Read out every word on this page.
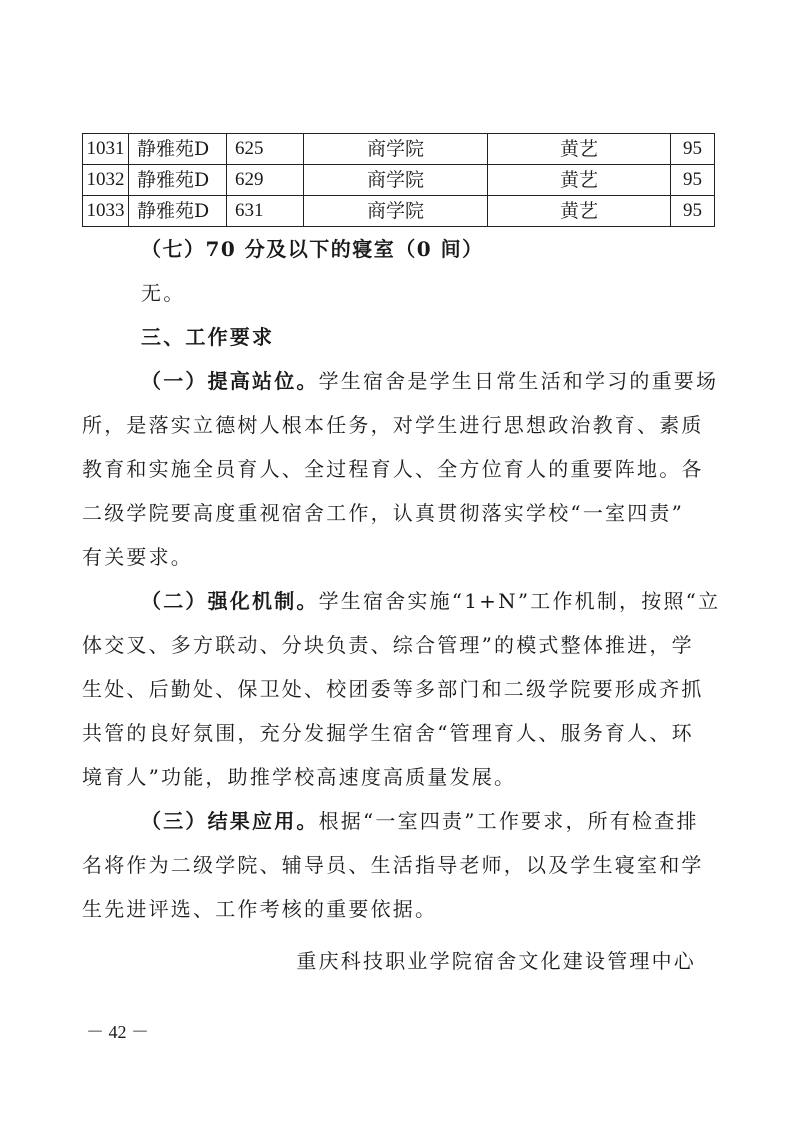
1031	静雅苑D	625	商学院	黄艺	95
1032	静雅苑D	629	商学院	黄艺	95
1033	静雅苑D	631	商学院	黄艺	95
（七）70 分及以下的寝室（0 间）
无。
三、工作要求
（一）提高站位。学生宿舍是学生日常生活和学习的重要场
所，是落实立德树人根本任务，对学生进行思想政治教育、素质
教育和实施全员育人、全过程育人、全方位育人的重要阵地。各
二级学院要高度重视宿舍工作，认真贯彻落实学校“一室四责”
有关要求。
（二）强化机制。学生宿舍实施“1+N”工作机制，按照“立
体交叉、多方联动、分块负责、综合管理”的模式整体推进，学
生处、后勤处、保卫处、校团委等多部门和二级学院要形成齐抓
共管的良好氛围，充分发掘学生宿舍“管理育人、服务育人、环
境育人”功能，助推学校高速度高质量发展。
（三）结果应用。根据“一室四责”工作要求，所有检查排
名将作为二级学院、辅导员、生活指导老师，以及学生寝室和学
生先进评选、工作考核的重要依据。
重庆科技职业学院宿舍文化建设管理中心
－ 42 －
